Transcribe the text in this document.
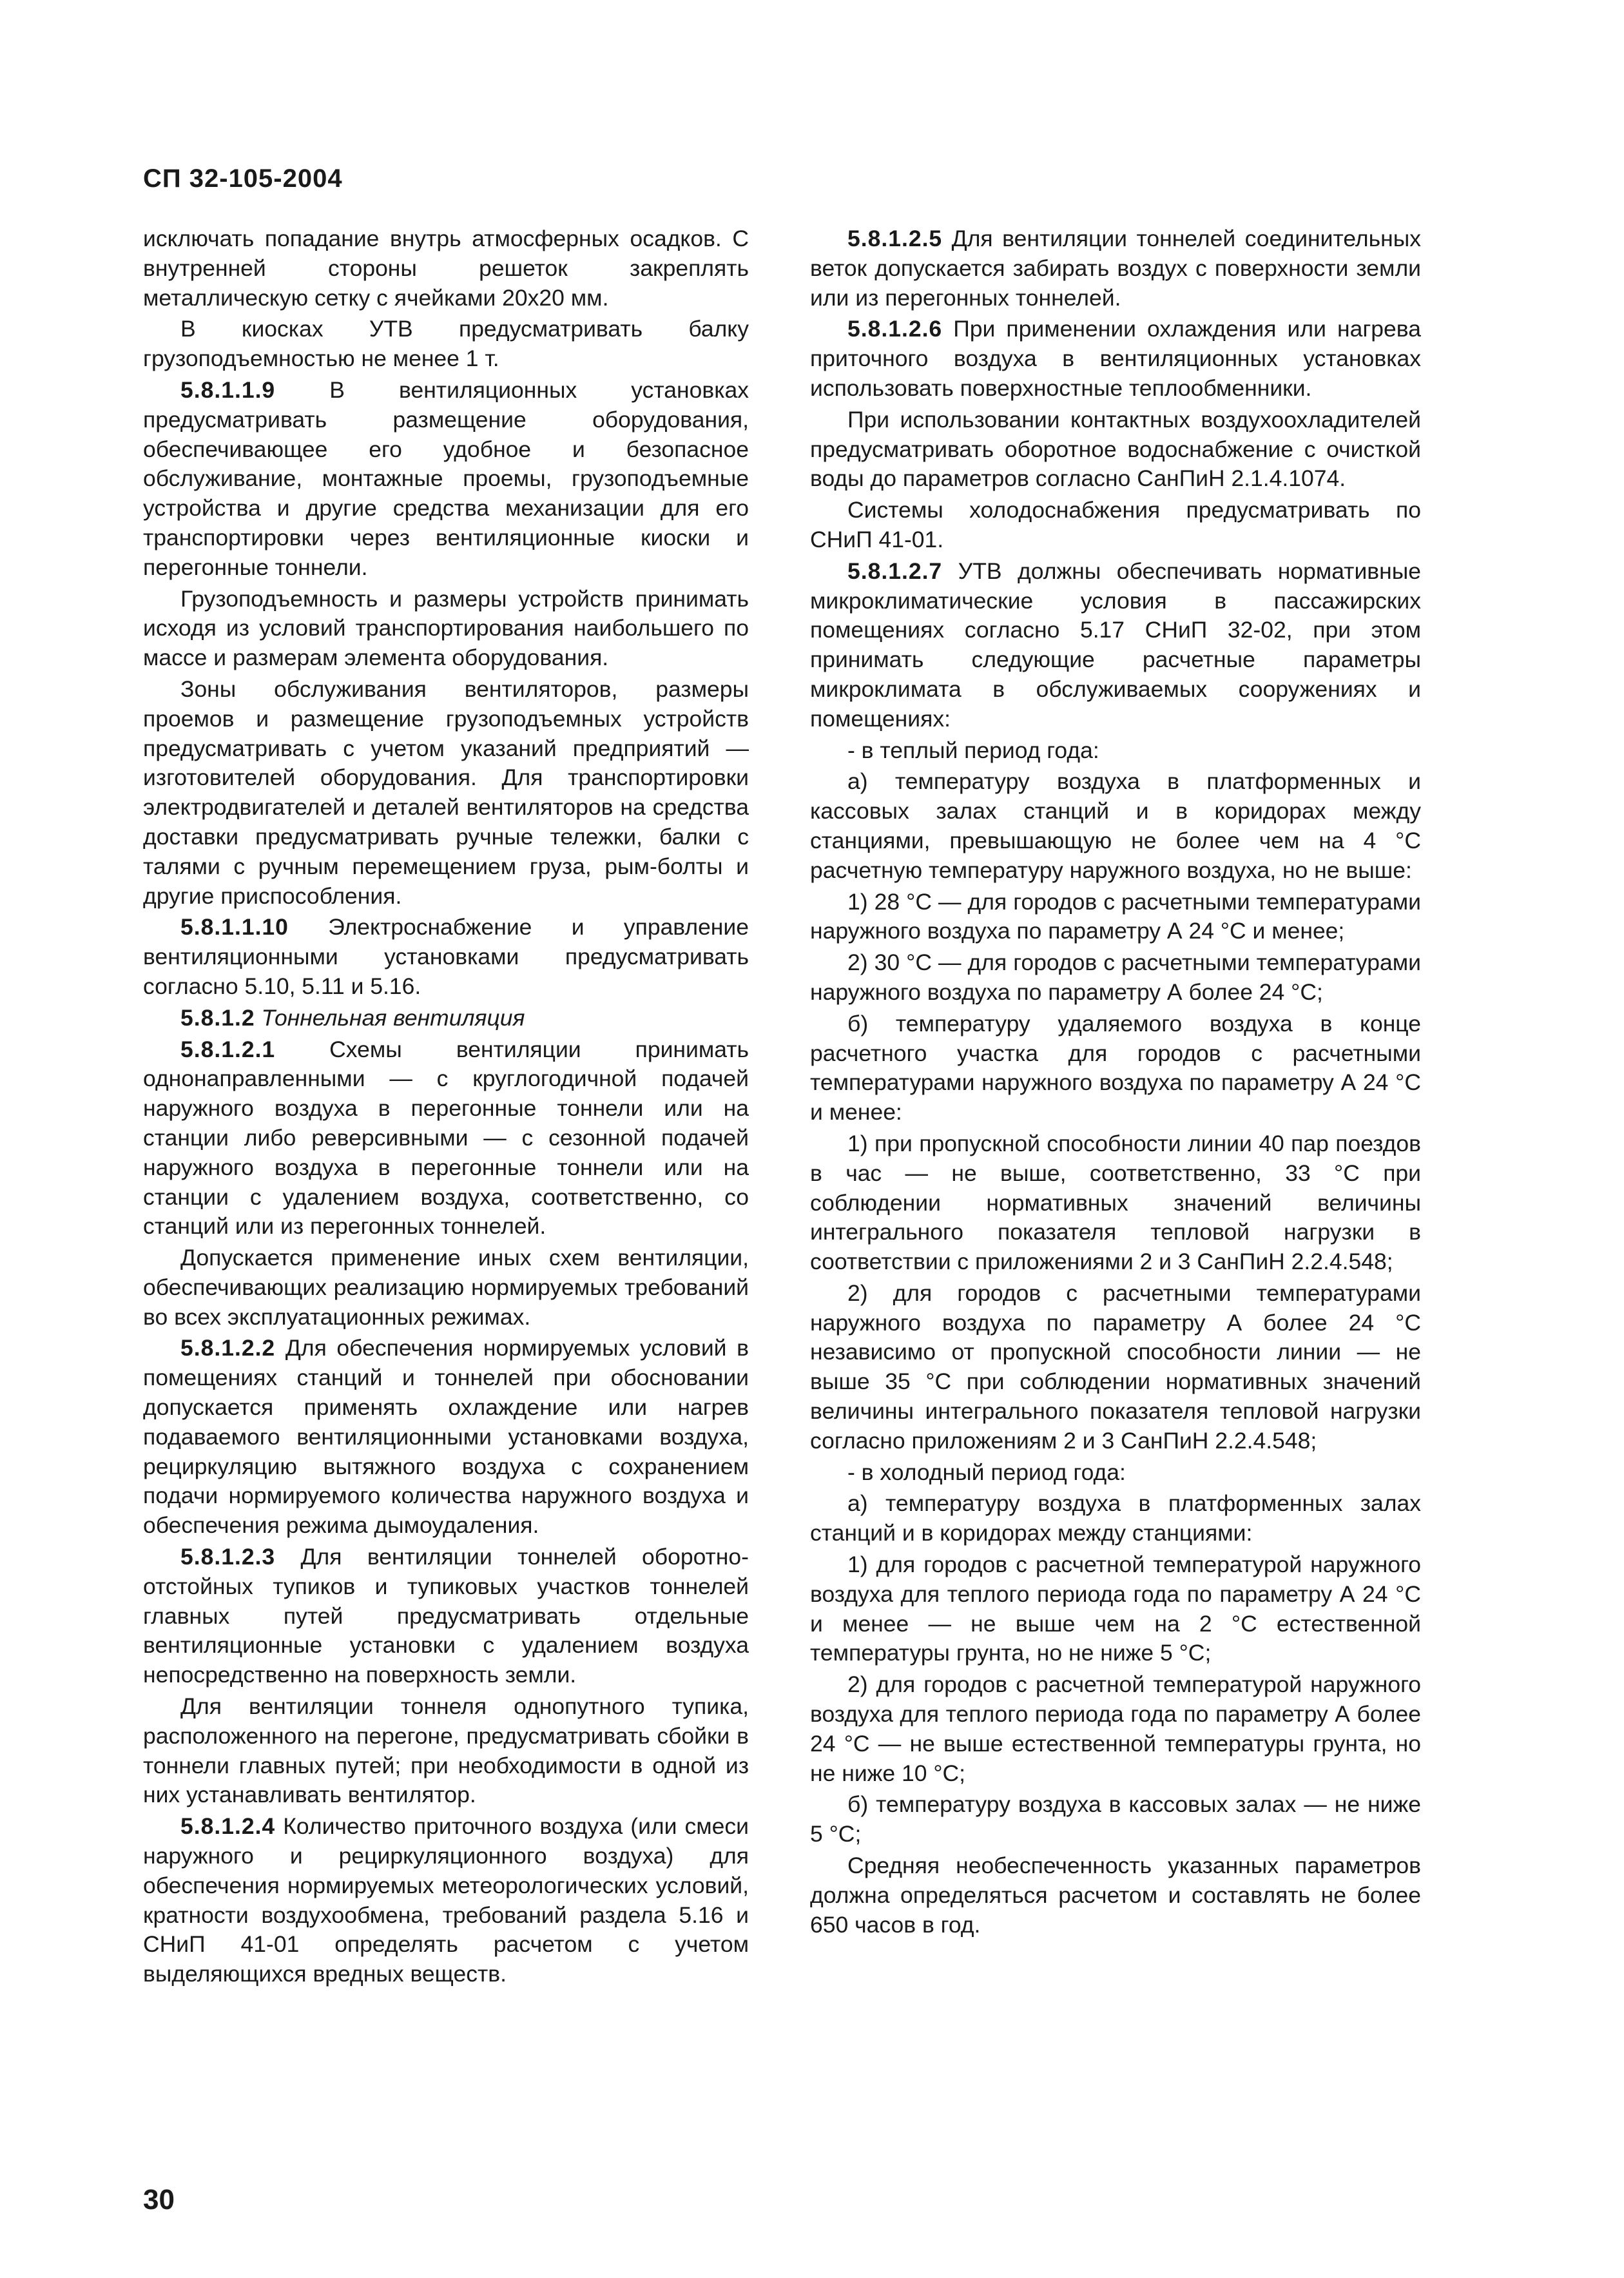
СП 32-105-2004

исключать попадание внутрь атмосферных осадков. С внутренней стороны решеток закреплять металлическую сетку с ячейками 20x20 мм.

В киосках УТВ предусматривать балку грузоподъемностью не менее 1 т.

5.8.1.1.9 В вентиляционных установках предусматривать размещение оборудования, обеспечивающее его удобное и безопасное обслуживание, монтажные проемы, грузоподъемные устройства и другие средства механизации для его транспортировки через вентиляционные киоски и перегонные тоннели.

Грузоподъемность и размеры устройств принимать исходя из условий транспортирования наибольшего по массе и размерам элемента оборудования.

Зоны обслуживания вентиляторов, размеры проемов и размещение грузоподъемных устройств предусматривать с учетом указаний предприятий — изготовителей оборудования. Для транспортировки электродвигателей и деталей вентиляторов на средства доставки предусматривать ручные тележки, балки с талями с ручным перемещением груза, рым-болты и другие приспособления.

5.8.1.1.10 Электроснабжение и управление вентиляционными установками предусматривать согласно 5.10, 5.11 и 5.16.

5.8.1.2 Тоннельная вентиляция

5.8.1.2.1 Схемы вентиляции принимать однонаправленными — с круглогодичной подачей наружного воздуха в перегонные тоннели или на станции либо реверсивными — с сезонной подачей наружного воздуха в перегонные тоннели или на станции с удалением воздуха, соответственно, со станций или из перегонных тоннелей.

Допускается применение иных схем вентиляции, обеспечивающих реализацию нормируемых требований во всех эксплуатационных режимах.

5.8.1.2.2 Для обеспечения нормируемых условий в помещениях станций и тоннелей при обосновании допускается применять охлаждение или нагрев подаваемого вентиляционными установками воздуха, рециркуляцию вытяжного воздуха с сохранением подачи нормируемого количества наружного воздуха и обеспечения режима дымоудаления.

5.8.1.2.3 Для вентиляции тоннелей оборотно-отстойных тупиков и тупиковых участков тоннелей главных путей предусматривать отдельные вентиляционные установки с удалением воздуха непосредственно на поверхность земли.

Для вентиляции тоннеля однопутного тупика, расположенного на перегоне, предусматривать сбойки в тоннели главных путей; при необходимости в одной из них устанавливать вентилятор.

5.8.1.2.4 Количество приточного воздуха (или смеси наружного и рециркуляционного воздуха) для обеспечения нормируемых метеорологических условий, кратности воздухообмена, требований раздела 5.16 и СНиП 41-01 определять расчетом с учетом выделяющихся вредных веществ.

5.8.1.2.5 Для вентиляции тоннелей соединительных веток допускается забирать воздух с поверхности земли или из перегонных тоннелей.

5.8.1.2.6 При применении охлаждения или нагрева приточного воздуха в вентиляционных установках использовать поверхностные теплообменники.

При использовании контактных воздухоохладителей предусматривать оборотное водоснабжение с очисткой воды до параметров согласно СанПиН 2.1.4.1074.

Системы холодоснабжения предусматривать по СНиП 41-01.

5.8.1.2.7 УТВ должны обеспечивать нормативные микроклиматические условия в пассажирских помещениях согласно 5.17 СНиП 32-02, при этом принимать следующие расчетные параметры микроклимата в обслуживаемых сооружениях и помещениях:

- в теплый период года:

а) температуру воздуха в платформенных и кассовых залах станций и в коридорах между станциями, превышающую не более чем на 4 °С расчетную температуру наружного воздуха, но не выше:

1) 28 °С — для городов с расчетными температурами наружного воздуха по параметру А 24 °С и менее;

2) 30 °С — для городов с расчетными температурами наружного воздуха по параметру А более 24 °С;

б) температуру удаляемого воздуха в конце расчетного участка для городов с расчетными температурами наружного воздуха по параметру А 24 °С и менее:

1) при пропускной способности линии 40 пар поездов в час — не выше, соответственно, 33 °С при соблюдении нормативных значений величины интегрального показателя тепловой нагрузки в соответствии с приложениями 2 и 3 СанПиН 2.2.4.548;

2) для городов с расчетными температурами наружного воздуха по параметру А более 24 °С независимо от пропускной способности линии — не выше 35 °С при соблюдении нормативных значений величины интегрального показателя тепловой нагрузки согласно приложениям 2 и 3 СанПиН 2.2.4.548;

- в холодный период года:

а) температуру воздуха в платформенных залах станций и в коридорах между станциями:

1) для городов с расчетной температурой наружного воздуха для теплого периода года по параметру А 24 °С и менее — не выше чем на 2 °С естественной температуры грунта, но не ниже 5 °С;

2) для городов с расчетной температурой наружного воздуха для теплого периода года по параметру А более 24 °С — не выше естественной температуры грунта, но не ниже 10 °С;

б) температуру воздуха в кассовых залах — не ниже 5 °С;

Средняя необеспеченность указанных параметров должна определяться расчетом и составлять не более 650 часов в год.

30
